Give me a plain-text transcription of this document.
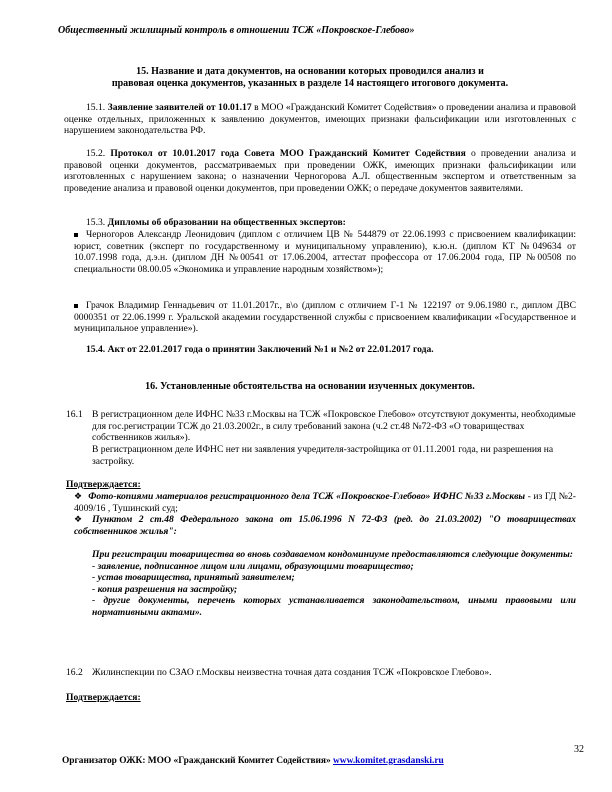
Общественный жилищный контроль в отношении ТСЖ «Покровское-Глебово»
15. Название и дата документов, на основании которых проводился анализ и
правовая оценка документов, указанных в разделе 14 настоящего итогового документа.
15.1. Заявление заявителей от 10.01.17 в МОО «Гражданский Комитет Содействия» о проведении анализа и правовой оценке отдельных, приложенных к заявлению документов, имеющих признаки фальсификации или изготовленных с нарушением законодательства РФ.
15.2. Протокол от 10.01.2017 года Совета МОО Гражданский Комитет Содействия о проведении анализа и правовой оценки документов, рассматриваемых при проведении ОЖК, имеющих признаки фальсификации или изготовленных с нарушением закона; о назначении Черногорова А.Л. общественным экспертом и ответственным за проведение анализа и правовой оценки документов, при проведении ОЖК; о передаче документов заявителями.
15.3. Дипломы об образовании на общественных экспертов:
Черногоров Александр Леонидович (диплом с отличием ЦВ № 544879 от 22.06.1993 с присвоением квалификации: юрист, советник (эксперт по государственному и муниципальному управлению), к.ю.н. (диплом КТ №049634 от 10.07.1998 года, д.э.н. (диплом ДН №00541 от 17.06.2004, аттестат профессора от 17.06.2004 года, ПР №00508 по специальности 08.00.05 «Экономика и управление народным хозяйством»);
Грачок Владимир Геннадьевич от 11.01.2017г., в\о (диплом с отличием Г-1 № 122197 от 9.06.1980 г., диплом ДВС 0000351 от 22.06.1999 г. Уральской академии государственной службы с присвоением квалификации «Государственное и муниципальное управление»).
15.4. Акт от 22.01.2017 года о принятии Заключений №1 и №2 от 22.01.2017 года.
16. Установленные обстоятельства на основании изученных документов.
16.1 В регистрационном деле ИФНС №33 г.Москвы на ТСЖ «Покровское Глебово» отсутствуют документы, необходимые для гос.регистрации ТСЖ до 21.03.2002г., в силу требований закона (ч.2 ст.48 №72-ФЗ «О товариществах собственников жилья»).
В регистрационном деле ИФНС нет ни заявления учредителя-застройщика от 01.11.2001 года, ни разрешения на застройку.
Подтверждается:
❖ Фото-копиями материалов регистрационного дела ТСЖ «Покровское-Глебово» ИФНС №33 г.Москвы - из ГД №2- 4009/16 , Тушинский суд;
❖ Пунктом 2 ст.48 Федерального закона от 15.06.1996 N 72-ФЗ (ред. до 21.03.2002) "О товариществах собственников жилья":

При регистрации товарищества во вновь создаваемом кондоминиуме предоставляются следующие документы:

- заявление, подписанное лицом или лицами, образующими товарищество;

- устав товарищества, принятый заявителем;

- копия разрешения на застройку;

- другие документы, перечень которых устанавливается законодательством, иными правовыми или нормативными актами».

16.2 Жилинспекции по СЗАО г.Москвы неизвестна точная дата создания ТСЖ «Покровское Глебово».
Подтверждается:
32
Организатор ОЖК: МОО «Гражданский Комитет Содействия» www.komitet.grasdanski.ru
